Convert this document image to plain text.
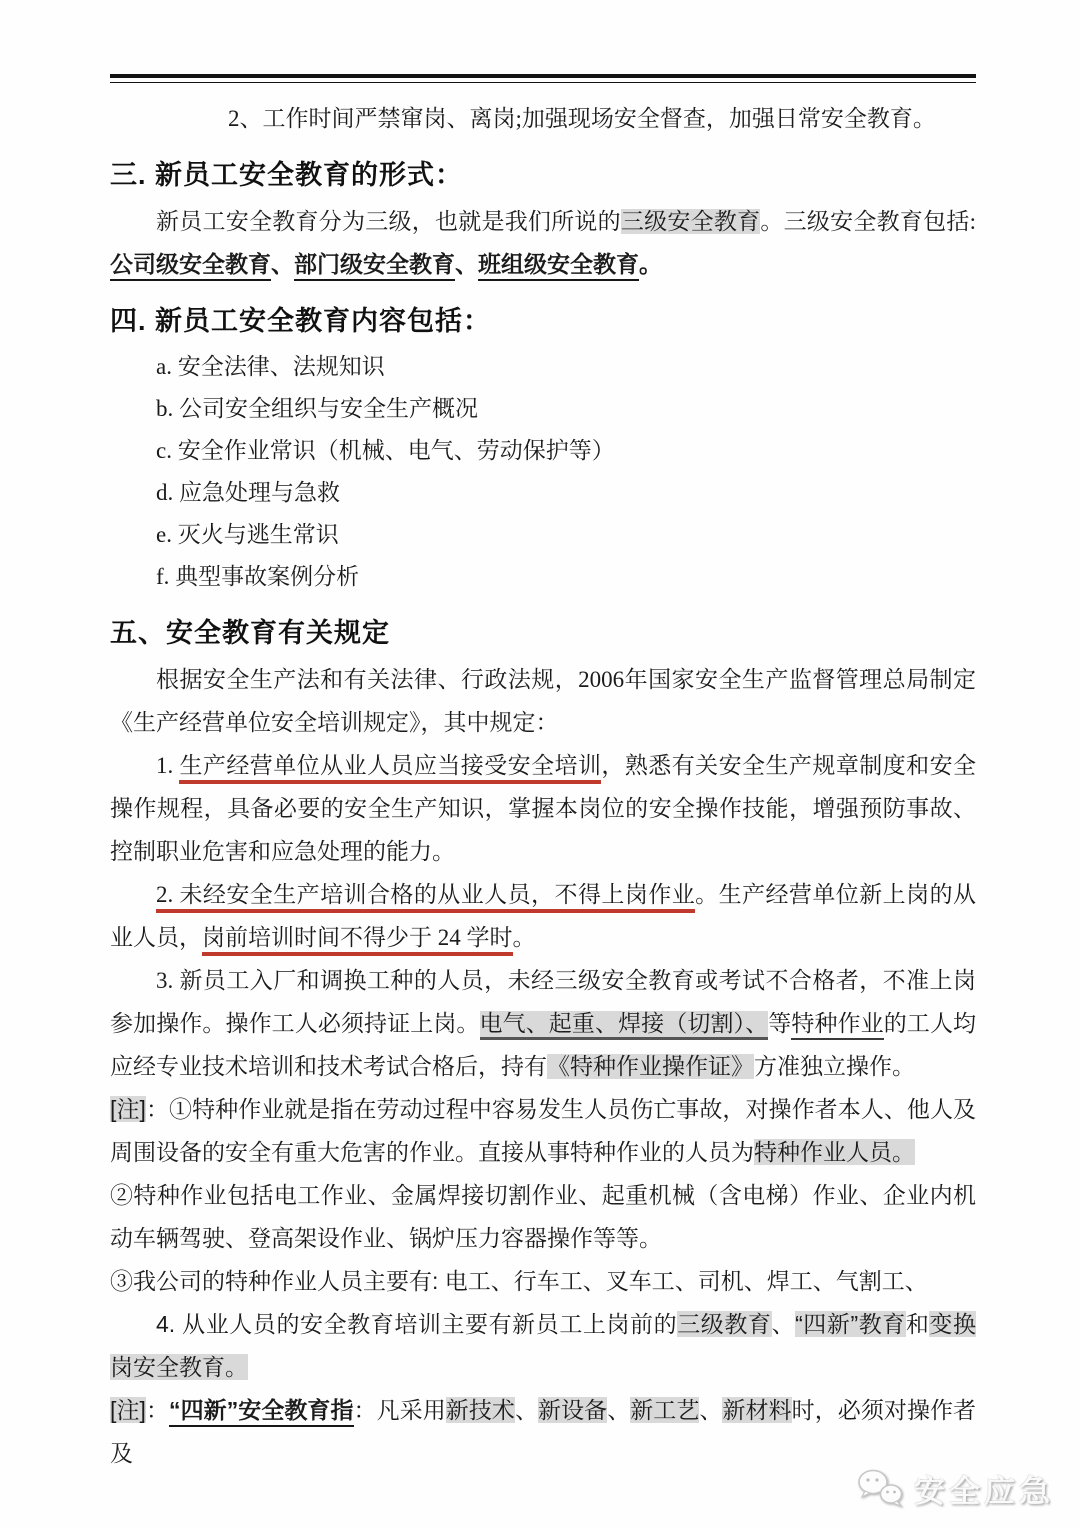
2、工作时间严禁窜岗、离岗;加强现场安全督查，加强日常安全教育。

三. 新员工安全教育的形式：

新员工安全教育分为三级，也就是我们所说的三级安全教育。三级安全教育包括: 公司级安全教育、部门级安全教育、班组级安全教育。

四. 新员工安全教育内容包括：

a. 安全法律、法规知识

b. 公司安全组织与安全生产概况

c. 安全作业常识（机械、电气、劳动保护等）

d. 应急处理与急救

e. 灭火与逃生常识

f. 典型事故案例分析

五、安全教育有关规定

根据安全生产法和有关法律、行政法规，2006年国家安全生产监督管理总局制定《生产经营单位安全培训规定》，其中规定：

1. 生产经营单位从业人员应当接受安全培训，熟悉有关安全生产规章制度和安全操作规程，具备必要的安全生产知识，掌握本岗位的安全操作技能，增强预防事故、控制职业危害和应急处理的能力。

2. 未经安全生产培训合格的从业人员，不得上岗作业。生产经营单位新上岗的从业人员，岗前培训时间不得少于 24 学时。

3. 新员工入厂和调换工种的人员，未经三级安全教育或考试不合格者，不准上岗参加操作。操作工人必须持证上岗。电气、起重、焊接（切割）、等特种作业的工人均应经专业技术培训和技术考试合格后，持有《特种作业操作证》方准独立操作。

[注]：①特种作业就是指在劳动过程中容易发生人员伤亡事故，对操作者本人、他人及周围设备的安全有重大危害的作业。直接从事特种作业的人员为特种作业人员。

②特种作业包括电工作业、金属焊接切割作业、起重机械（含电梯）作业、企业内机动车辆驾驶、登高架设作业、锅炉压力容器操作等等。

③我公司的特种作业人员主要有: 电工、行车工、叉车工、司机、焊工、气割工、

4. 从业人员的安全教育培训主要有新员工上岗前的三级教育、“四新”教育和变换岗安全教育。

[注]：“四新”安全教育指：凡采用新技术、新设备、新工艺、新材料时，必须对操作者及

安全应急
